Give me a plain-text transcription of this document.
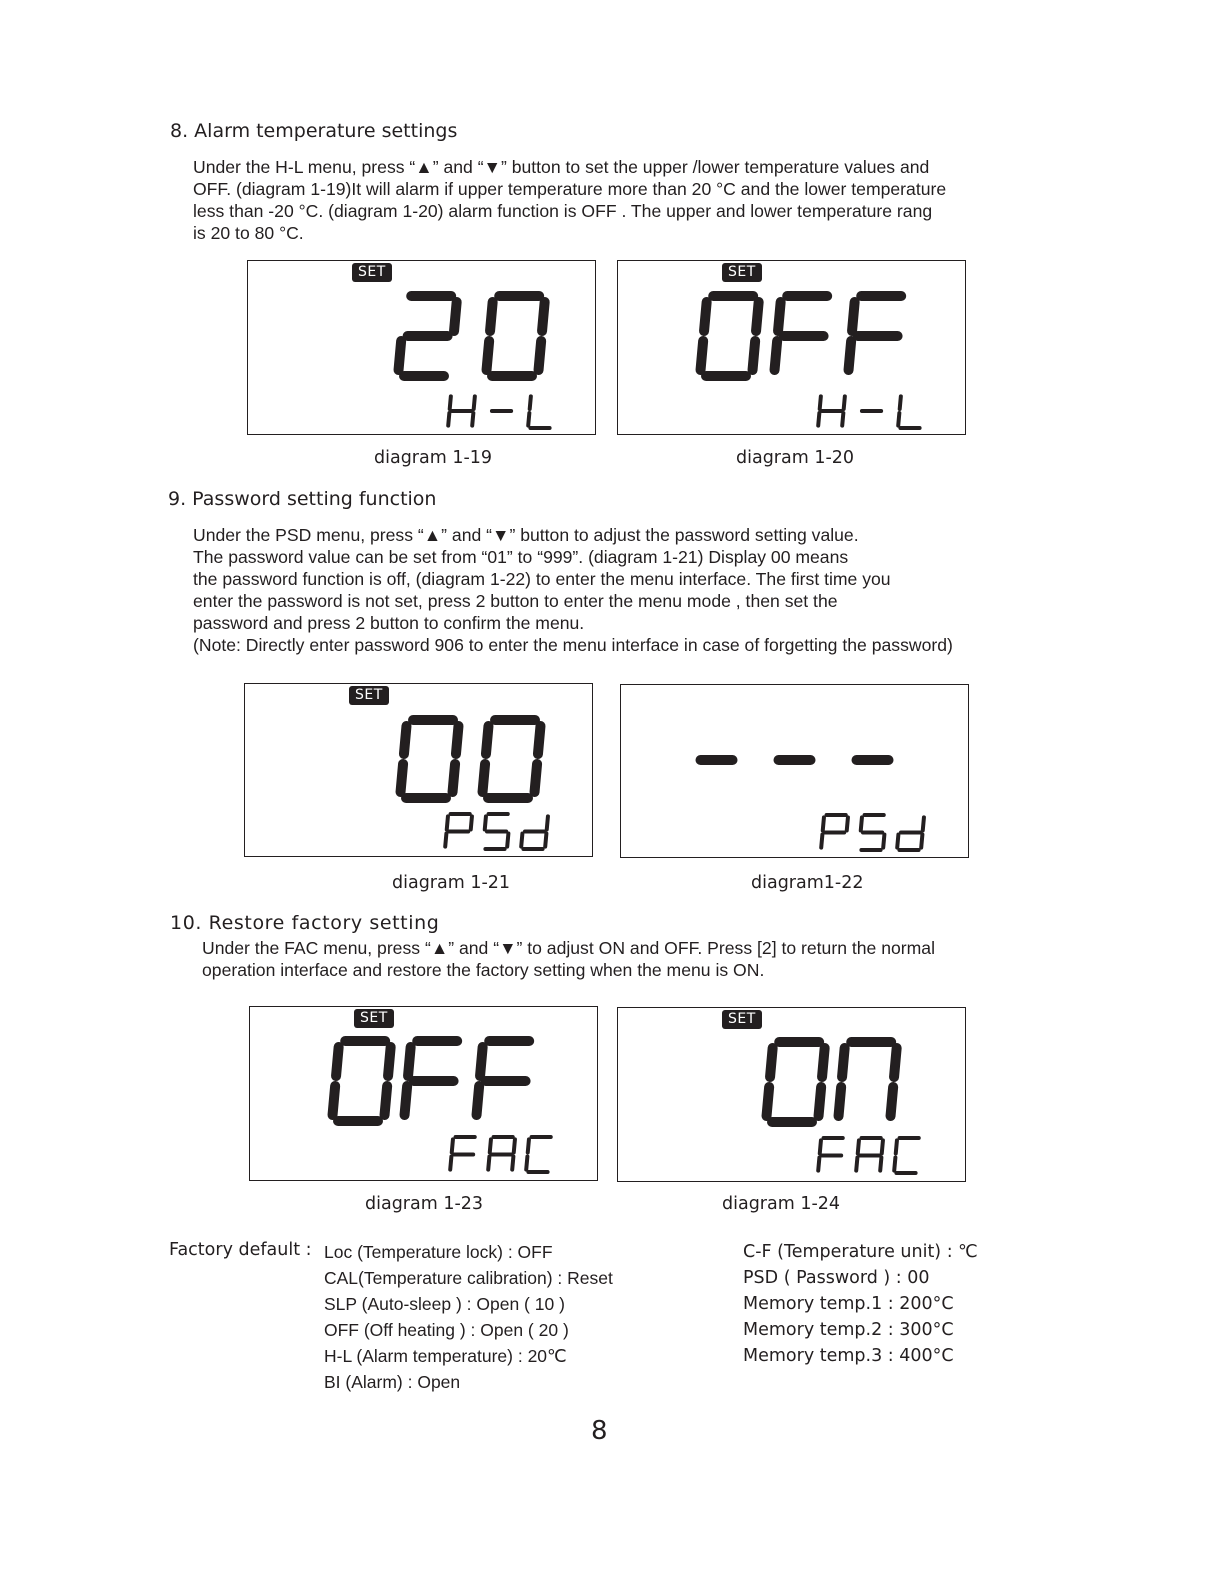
8. Alarm temperature settings
Under the H-L menu, press “▲” and “▼” button to set the upper /lower temperature values and
OFF. (diagram 1-19)It will alarm if upper temperature more than 20 °C and the lower temperature
less than -20 °C. (diagram 1-20) alarm function is OFF . The upper and lower temperature rang
is 20 to 80 °C.
SET
diagram 1-19
SET
diagram 1-20
9. Password setting function
Under the PSD menu, press “▲” and “▼” button to adjust the password setting value.
The password value can be set from “01” to “999”. (diagram 1-21) Display 00 means
the password function is off, (diagram 1-22) to enter the menu interface. The first time you
enter the password is not set, press 2 button to enter the menu mode , then set the
password and press 2 button to confirm the menu.
(Note: Directly enter password 906 to enter the menu interface in case of forgetting the password)
SET
diagram 1-21	diagram1-22
10. Restore factory setting
Under the FAC menu, press “▲” and “▼” to adjust ON and OFF. Press [2] to return the normal
operation interface and restore the factory setting when the menu is ON.
SET
diagram 1-23
SET
diagram 1-24
Factory default : Loc (Temperature lock) : OFF
CAL(Temperature calibration) : Reset
SLP (Auto-sleep ) : Open ( 10 )
OFF (Off heating ) : Open ( 20 )
H-L (Alarm temperature) : 20℃
BI (Alarm) : Open
C-F (Temperature unit) : ℃
PSD ( Password ) : 00
Memory temp.1 : 200°C
Memory temp.2 : 300°C
Memory temp.3 : 400°C
8
